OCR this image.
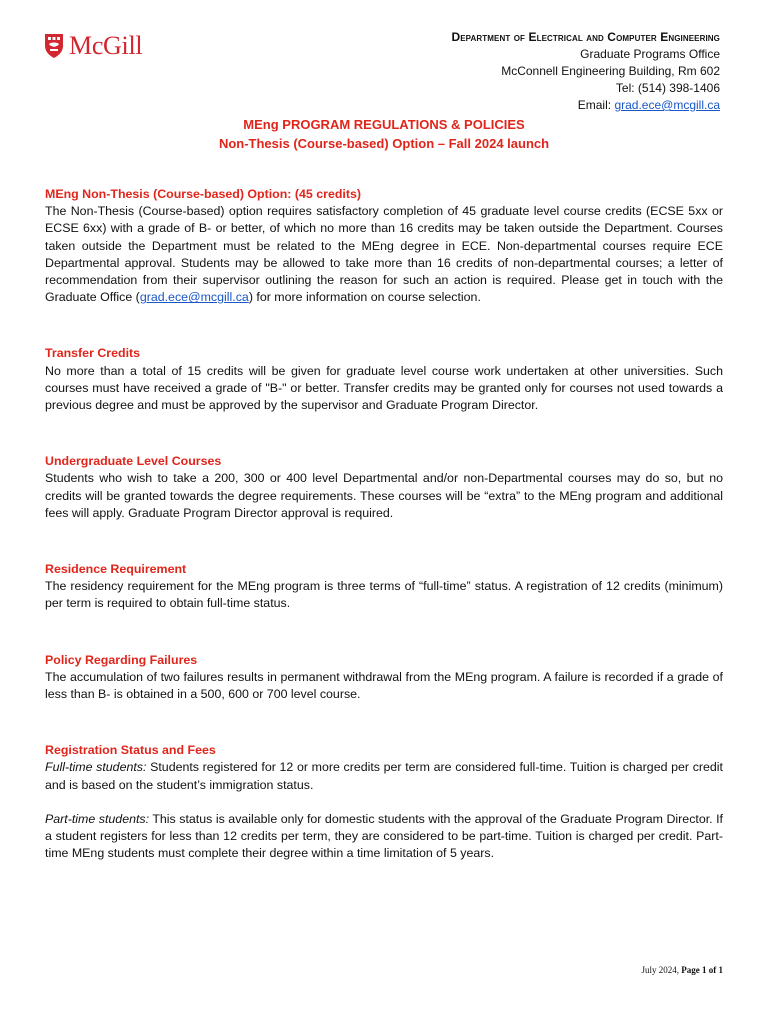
McGill	Department of Electrical and Computer Engineering
Graduate Programs Office
McConnell Engineering Building, Rm 602
Tel: (514) 398-1406
Email: grad.ece@mcgill.ca
MEng PROGRAM REGULATIONS & POLICIES
Non-Thesis (Course-based) Option – Fall 2024 launch
MEng Non-Thesis (Course-based) Option: (45 credits)

The Non-Thesis (Course-based) option requires satisfactory completion of 45 graduate level course credits (ECSE 5xx or ECSE 6xx) with a grade of B- or better, of which no more than 16 credits may be taken outside the Department. Courses taken outside the Department must be related to the MEng degree in ECE. Non-departmental courses require ECE Departmental approval. Students may be allowed to take more than 16 credits of non-departmental courses; a letter of recommendation from their supervisor outlining the reason for such an action is required. Please get in touch with the Graduate Office (grad.ece@mcgill.ca) for more information on course selection.

Transfer Credits

No more than a total of 15 credits will be given for graduate level course work undertaken at other universities. Such courses must have received a grade of "B-" or better. Transfer credits may be granted only for courses not used towards a previous degree and must be approved by the supervisor and Graduate Program Director.

Undergraduate Level Courses

Students who wish to take a 200, 300 or 400 level Departmental and/or non-Departmental courses may do so, but no credits will be granted towards the degree requirements. These courses will be “extra” to the MEng program and additional fees will apply. Graduate Program Director approval is required.

Residence Requirement

The residency requirement for the MEng program is three terms of “full-time” status. A registration of 12 credits (minimum) per term is required to obtain full-time status.

Policy Regarding Failures

The accumulation of two failures results in permanent withdrawal from the MEng program. A failure is recorded if a grade of less than B- is obtained in a 500, 600 or 700 level course.

Registration Status and Fees

Full-time students: Students registered for 12 or more credits per term are considered full-time. Tuition is charged per credit and is based on the student’s immigration status.

Part-time students: This status is available only for domestic students with the approval of the Graduate Program Director. If a student registers for less than 12 credits per term, they are considered to be part-time. Tuition is charged per credit. Part-time MEng students must complete their degree within a time limitation of 5 years.

July 2024, Page 1 of 1
